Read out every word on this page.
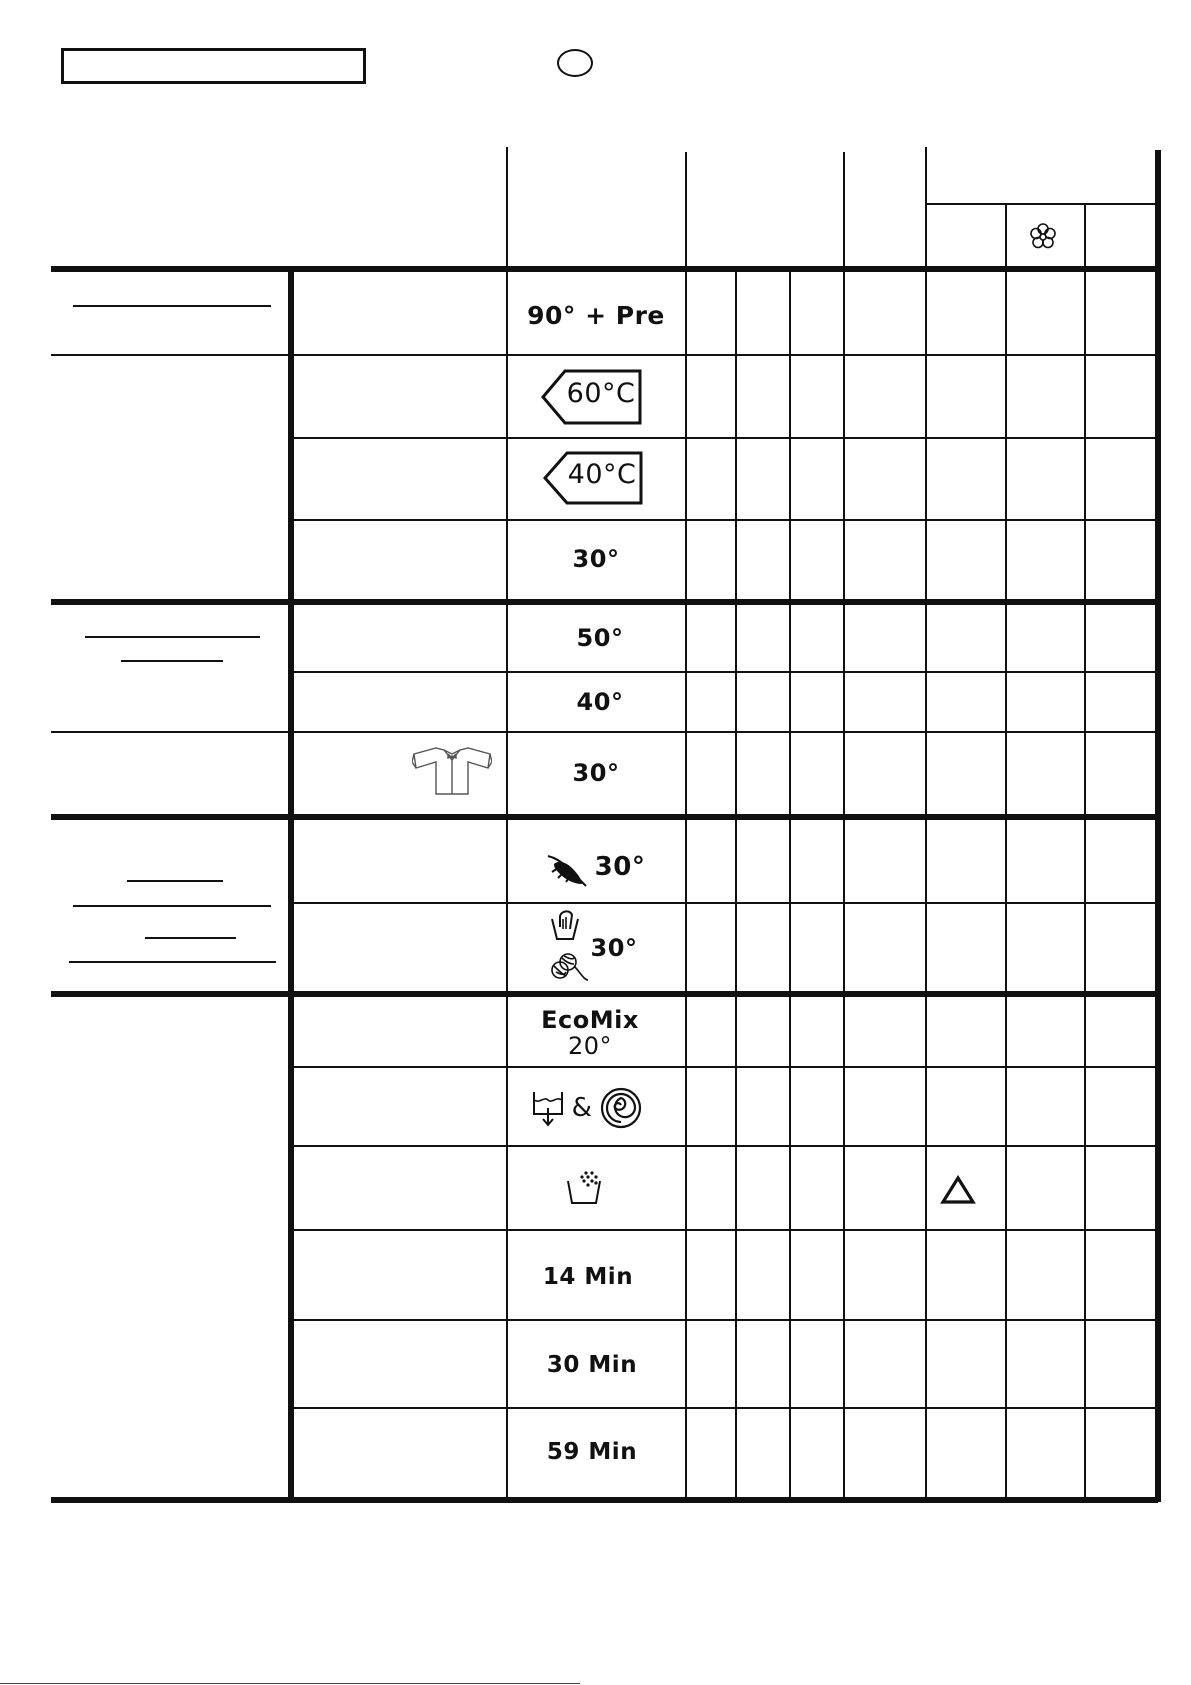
90° + Pre
60°C
40°C
30°
50°
40°
30°
30°
30°
EcoMix
20°
&
14 Min
30 Min
59 Min
